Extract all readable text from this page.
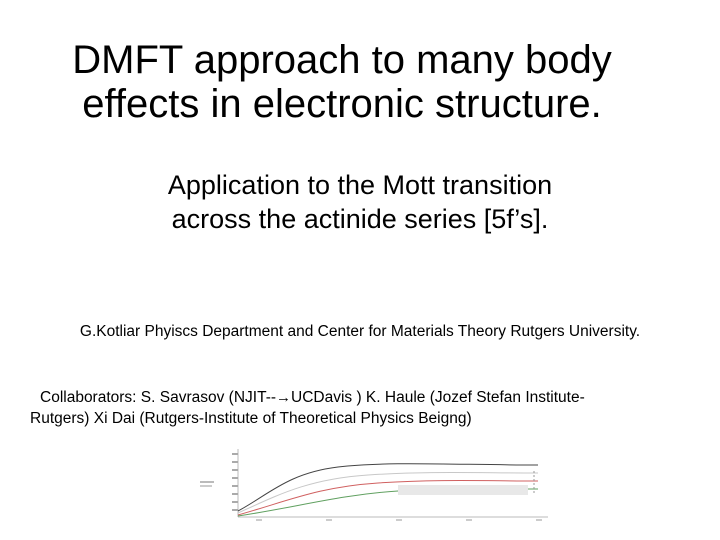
DMFT approach to many body
effects in electronic structure.
Application to the Mott transition
across the actinide series [5f’s].
G.Kotliar Phyiscs Department and Center for Materials Theory Rutgers University.
Collaborators: S. Savrasov (NJIT--→UCDavis ) K. Haule (Jozef Stefan Institute-
Rutgers) Xi Dai (Rutgers-Institute of Theoretical Physics Beigng)
